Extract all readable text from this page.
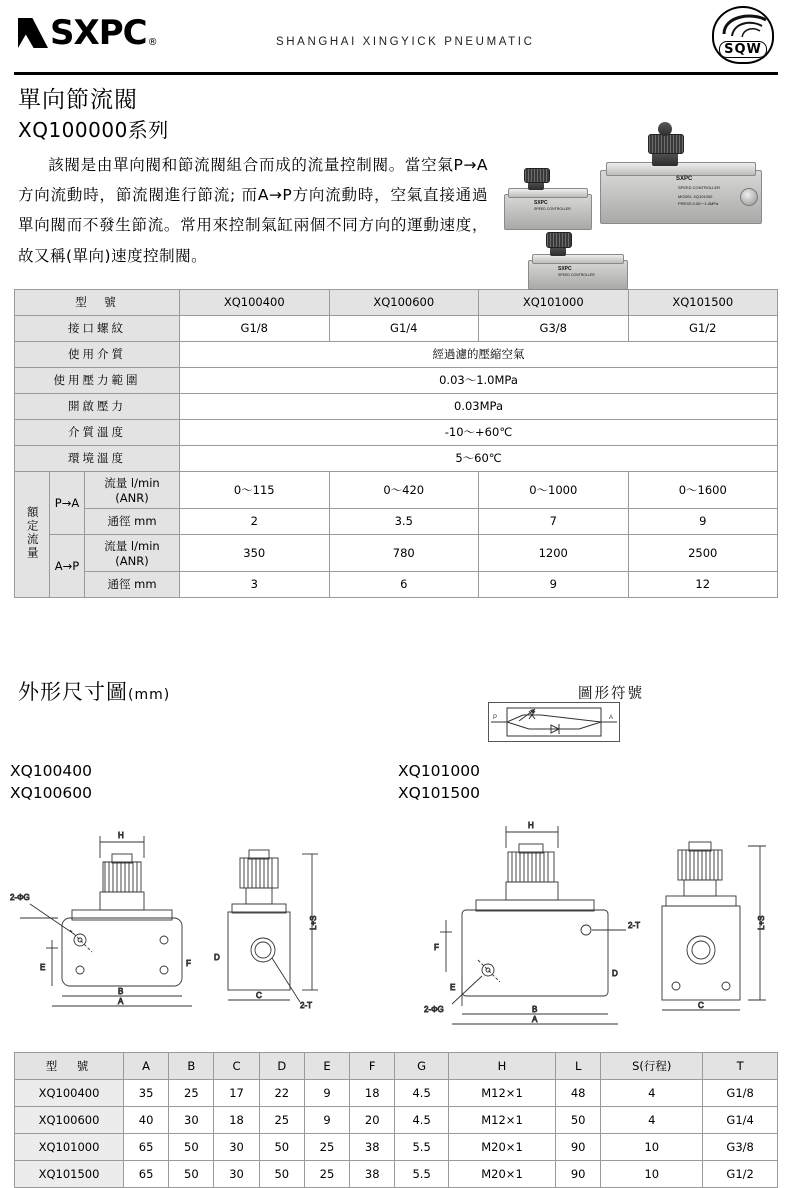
SXPC ®	SHANGHAI XINGYICK PNEUMATIC	SQW
單向節流閥
XQ100000系列
該閥是由單向閥和節流閥組合而成的流量控制閥。當空氣P→A方向流動時，節流閥進行節流; 而A→P方向流動時，空氣直接通過單向閥而不發生節流。常用來控制氣缸兩個不同方向的運動速度，故又稱(單向)速度控制閥。
SXPC
SPEED CONTROLLER
MODEL XQ101000
PRESS 0.05～1.0MPa
SXPC
SPEED CONTROLLER
SXPC
SPEED CONTROLLER
型　號			XQ100400	XQ100600	XQ101000	XQ101500
接口螺紋			G1/8	G1/4	G3/8	G1/2
使用介質			經過濾的壓縮空氣			
使用壓力範圍			0.03～1.0MPa			
開啟壓力			0.03MPa			
介質溫度			-10～+60℃			
環境溫度			5～60℃			
額定流量	P→A	流量 l/min (ANR)	0～115	0～420	0～1000	0～1600
		通徑 mm	2	3.5	7	9
	A→P	流量 l/min (ANR)	350	780	1200	2500
		通徑 mm	3	6	9	12
外形尺寸圖(mm)	圖形符號
P	A
XQ100400
XQ100600
XQ101000
XQ101500
H
2-ΦG
E
B
A
F
L+S
D
C
2-T
H
2-T
F
E
2-ΦG	B
A
D
L+S
C
型　號	A	B	C	D	E	F	G	H	L	S(行程)	T
XQ100400	35	25	17	22	9	18	4.5	M12×1	48	4	G1/8
XQ100600	40	30	18	25	9	20	4.5	M12×1	50	4	G1/4
XQ101000	65	50	30	50	25	38	5.5	M20×1	90	10	G3/8
XQ101500	65	50	30	50	25	38	5.5	M20×1	90	10	G1/2
